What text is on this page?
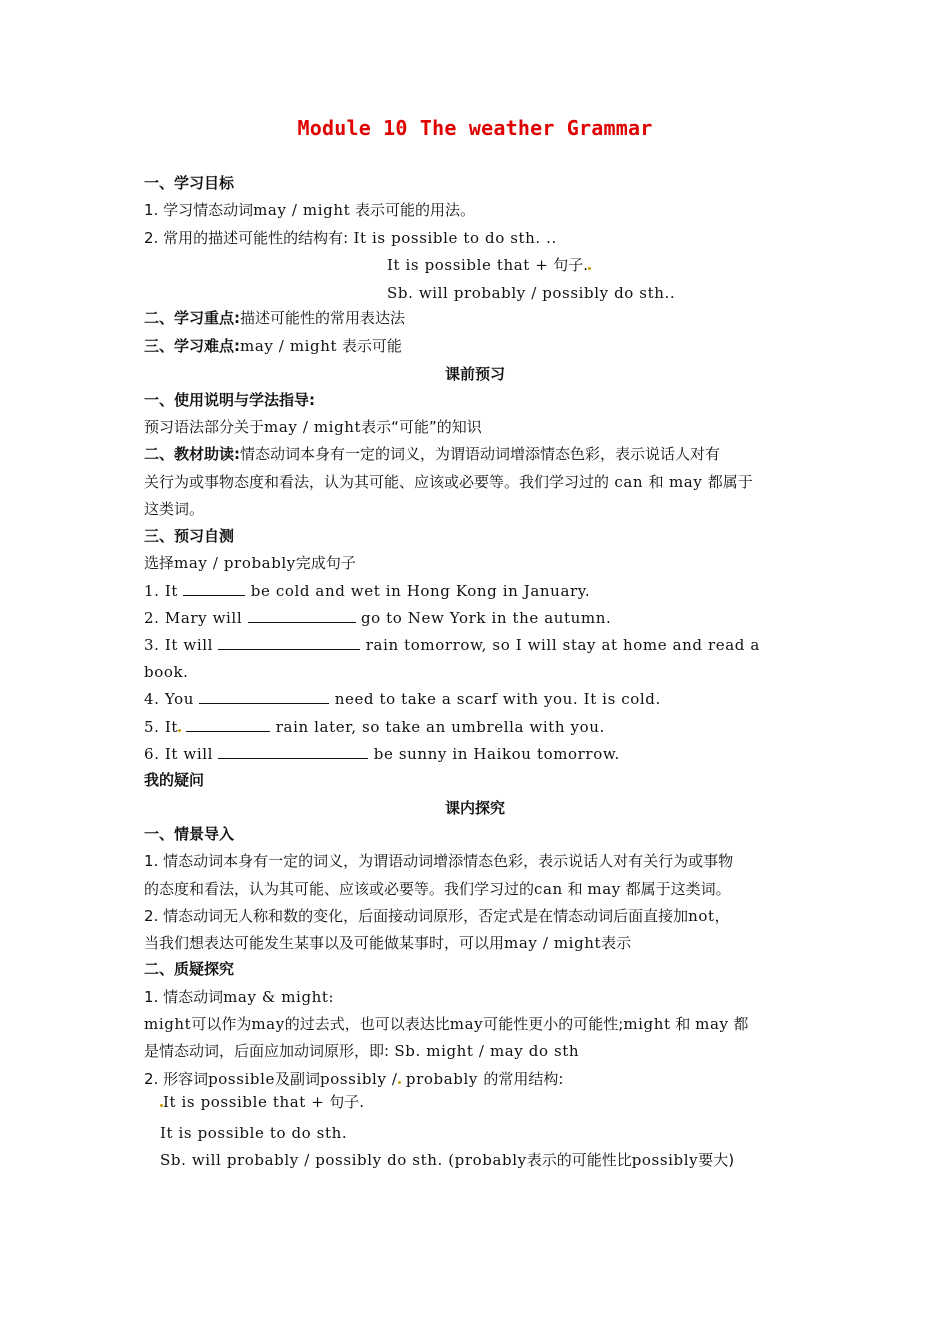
Module 10 The weather Grammar
一、学习目标
1. 学习情态动词may / might 表示可能的用法。
2. 常用的描述可能性的结构有: It is possible to do sth. ..
It is possible that + 句子.
Sb. will probably / possibly do sth..
二、学习重点:描述可能性的常用表达法
三、学习难点:may / might 表示可能
课前预习
一、使用说明与学法指导:
预习语法部分关于may / might表示“可能”的知识
二、教材助读:情态动词本身有一定的词义，为谓语动词增添情态色彩，表示说话人对有
关行为或事物态度和看法，认为其可能、应该或必要等。我们学习过的 can 和 may 都属于
这类词。
三、预习自测
选择may / probably完成句子
1. It	be cold and wet in Hong Kong in January.
2. Mary will	go to New York in the autumn.
3. It will	rain tomorrow, so I will stay at home and read a
book.
4. You	need to take a scarf with you. It is cold.
5. It	rain later, so take an umbrella with you.
6. It will	be sunny in Haikou tomorrow.
我的疑问
课内探究
一、情景导入
1. 情态动词本身有一定的词义，为谓语动词增添情态色彩，表示说话人对有关行为或事物
的态度和看法，认为其可能、应该或必要等。我们学习过的can 和 may 都属于这类词。
2. 情态动词无人称和数的变化，后面接动词原形，否定式是在情态动词后面直接加not，
当我们想表达可能发生某事以及可能做某事时，可以用may / might表示
二、质疑探究
1. 情态动词may & might:
might可以作为may的过去式，也可以表达比may可能性更小的可能性;might 和 may 都
是情态动词，后面应加动词原形，即: Sb. might / may do sth
2. 形容词possible及副词possibly / probably 的常用结构:
It is possible that + 句子.
It is possible to do sth.
Sb. will probably / possibly do sth. (probably表示的可能性比possibly要大)
